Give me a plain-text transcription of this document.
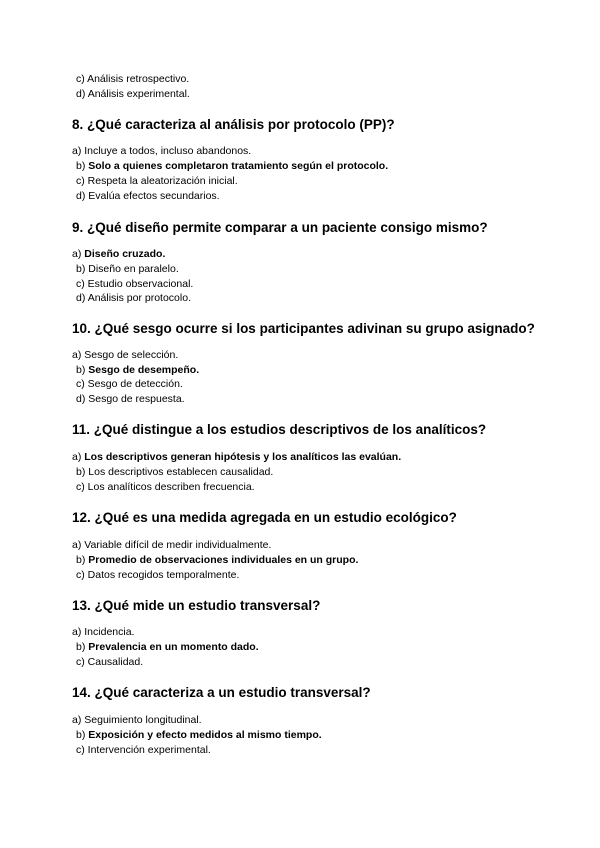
c) Análisis retrospectivo.
d) Análisis experimental.
8. ¿Qué caracteriza al análisis por protocolo (PP)?
a) Incluye a todos, incluso abandonos.
b) Solo a quienes completaron tratamiento según el protocolo.
c) Respeta la aleatorización inicial.
d) Evalúa efectos secundarios.
9. ¿Qué diseño permite comparar a un paciente consigo mismo?
a) Diseño cruzado.
b) Diseño en paralelo.
c) Estudio observacional.
d) Análisis por protocolo.
10. ¿Qué sesgo ocurre si los participantes adivinan su grupo asignado?
a) Sesgo de selección.
b) Sesgo de desempeño.
c) Sesgo de detección.
d) Sesgo de respuesta.
11. ¿Qué distingue a los estudios descriptivos de los analíticos?
a) Los descriptivos generan hipótesis y los analíticos las evalúan.
b) Los descriptivos establecen causalidad.
c) Los analíticos describen frecuencia.
12. ¿Qué es una medida agregada en un estudio ecológico?
a) Variable difícil de medir individualmente.
b) Promedio de observaciones individuales en un grupo.
c) Datos recogidos temporalmente.
13. ¿Qué mide un estudio transversal?
a) Incidencia.
b) Prevalencia en un momento dado.
c) Causalidad.
14. ¿Qué caracteriza a un estudio transversal?
a) Seguimiento longitudinal.
b) Exposición y efecto medidos al mismo tiempo.
c) Intervención experimental.
